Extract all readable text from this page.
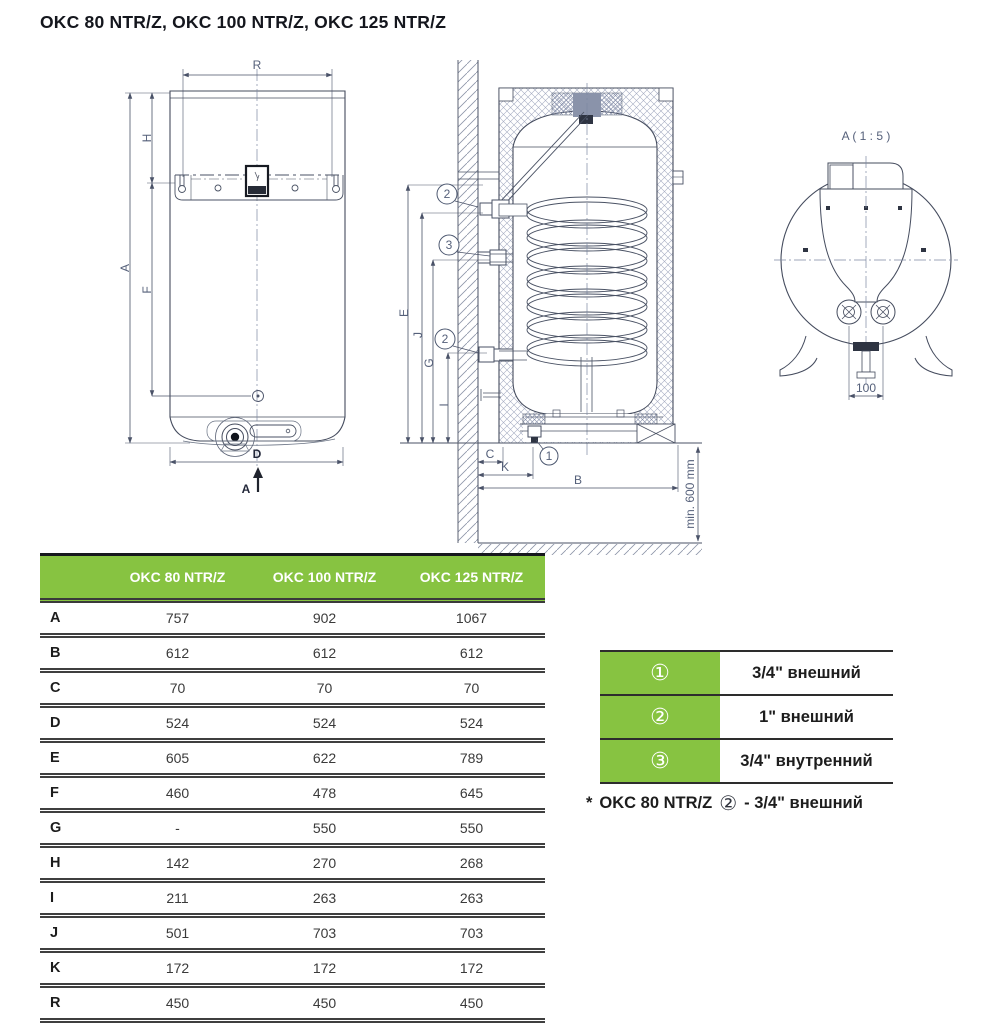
OKC 80 NTR/Z, OKC 100 NTR/Z, OKC 125 NTR/Z
R
H
A
F
D
A
2
3
2
1
E
J
G
I
C
K
B	min. 600 mm
A ( 1 : 5 )
100
	OKC 80 NTR/Z	OKC 100 NTR/Z	OKC 125 NTR/Z
A	757	902	1067
B	612	612	612
C	70	70	70
D	524	524	524
E	605	622	789
F	460	478	645
G	-	550	550
H	142	270	268
I	211	263	263
J	501	703	703
K	172	172	172
R	450	450	450
①	3/4" внешний
②	1" внешний
③	3/4" внутренний
* OKC 80 NTR/Z ② - 3/4" внешний
